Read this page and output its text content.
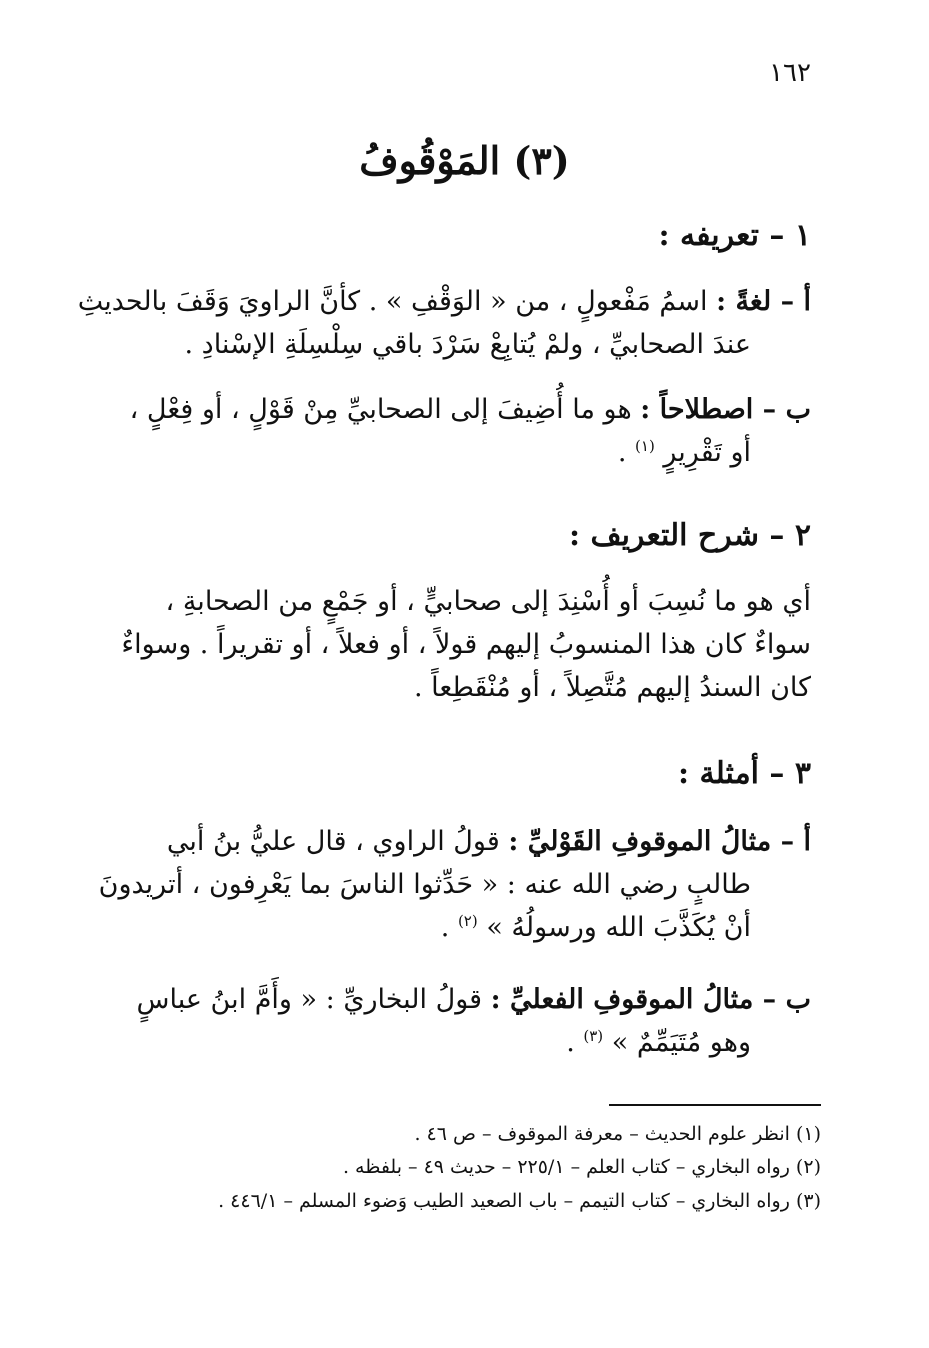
١٦٢
(٣) المَوْقُوفُ
١ – تعريفه :
أ – لغةً : اسمُ مَفْعولٍ ، من « الوَقْفِ » . كأنَّ الراويَ وَقَفَ بالحديثِ
عندَ الصحابيِّ ، ولمْ يُتابِعْ سَرْدَ باقي سِلْسِلَةِ الإسْنادِ .
ب – اصطلاحاً : هو ما أُضِيفَ إلى الصحابيِّ مِنْ قَوْلٍ ، أو فِعْلٍ ،
أو تَقْرِيرٍ $^{(١)}$ .
٢ – شرح التعريف :
أي هو ما نُسِبَ أو أُسْنِدَ إلى صحابيٍّ ، أو جَمْعٍ من الصحابةِ ،
سواءٌ كان هذا المنسوبُ إليهم قولاً ، أو فعلاً ، أو تقريراً . وسواءٌ
كان السندُ إليهم مُتَّصِلاً ، أو مُنْقَطِعاً .
٣ – أمثلة :
أ – مثالُ الموقوفِ القَوْليِّ : قولُ الراوي ، قال عليُّ بنُ أبي
طالبٍ رضي الله عنه : « حَدِّثوا الناسَ بما يَعْرِفون ، أتريدونَ
أنْ يُكَذَّبَ الله ورسولُهُ » $^{(٢)}$ .
ب – مثالُ الموقوفِ الفعليِّ : قولُ البخاريِّ : « وأَمَّ ابنُ عباسٍ
وهو مُتَيَمِّمٌ » $^{(٣)}$ .
(١) انظر علوم الحديث – معرفة الموقوف – ص ٤٦ .
(٢) رواه البخاري – كتاب العلم – ٢٢٥/١ – حديث ٤٩ – بلفظه .
(٣) رواه البخاري – كتاب التيمم – باب الصعيد الطيب وَضوء المسلم – ٤٤٦/١ .
